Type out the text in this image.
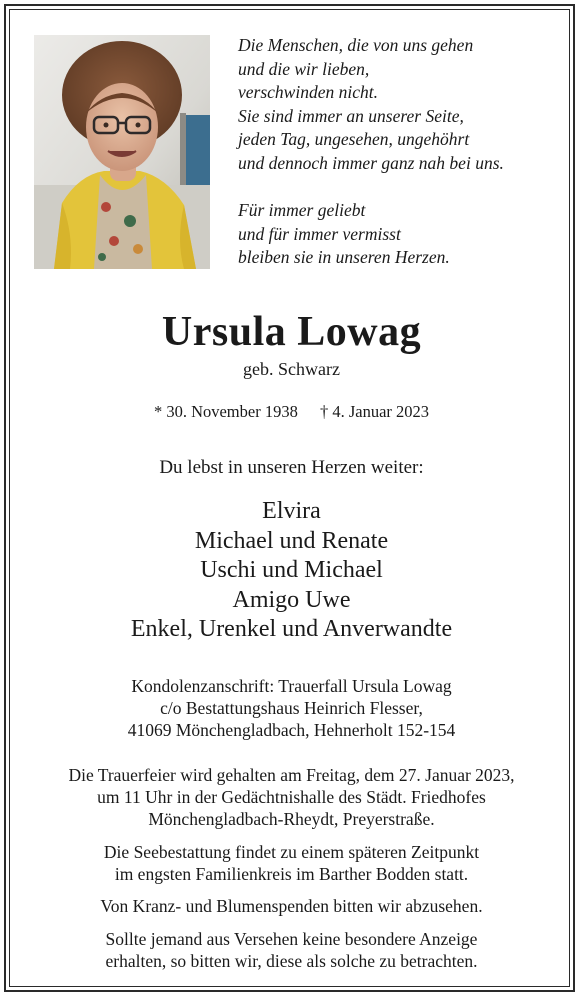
Die Menschen, die von uns gehen
und die wir lieben,
verschwinden nicht.
Sie sind immer an unserer Seite,
jeden Tag, ungesehen, ungehöhrt
und dennoch immer ganz nah bei uns.
Für immer geliebt
und für immer vermisst
bleiben sie in unseren Herzen.
Ursula Lowag
geb. Schwarz
* 30. November 1938 † 4. Januar 2023
Du lebst in unseren Herzen weiter:
Elvira
Michael und Renate
Uschi und Michael
Amigo Uwe
Enkel, Urenkel und Anverwandte
Kondolenzanschrift: Trauerfall Ursula Lowag
c/o Bestattungshaus Heinrich Flesser,
41069 Mönchengladbach, Hehnerholt 152-154
Die Trauerfeier wird gehalten am Freitag, dem 27. Januar 2023,
um 11 Uhr in der Gedächtnishalle des Städt. Friedhofes
Mönchengladbach-Rheydt, Preyerstraße.
Die Seebestattung findet zu einem späteren Zeitpunkt
im engsten Familienkreis im Barther Bodden statt.
Von Kranz- und Blumenspenden bitten wir abzusehen.
Sollte jemand aus Versehen keine besondere Anzeige
erhalten, so bitten wir, diese als solche zu betrachten.
